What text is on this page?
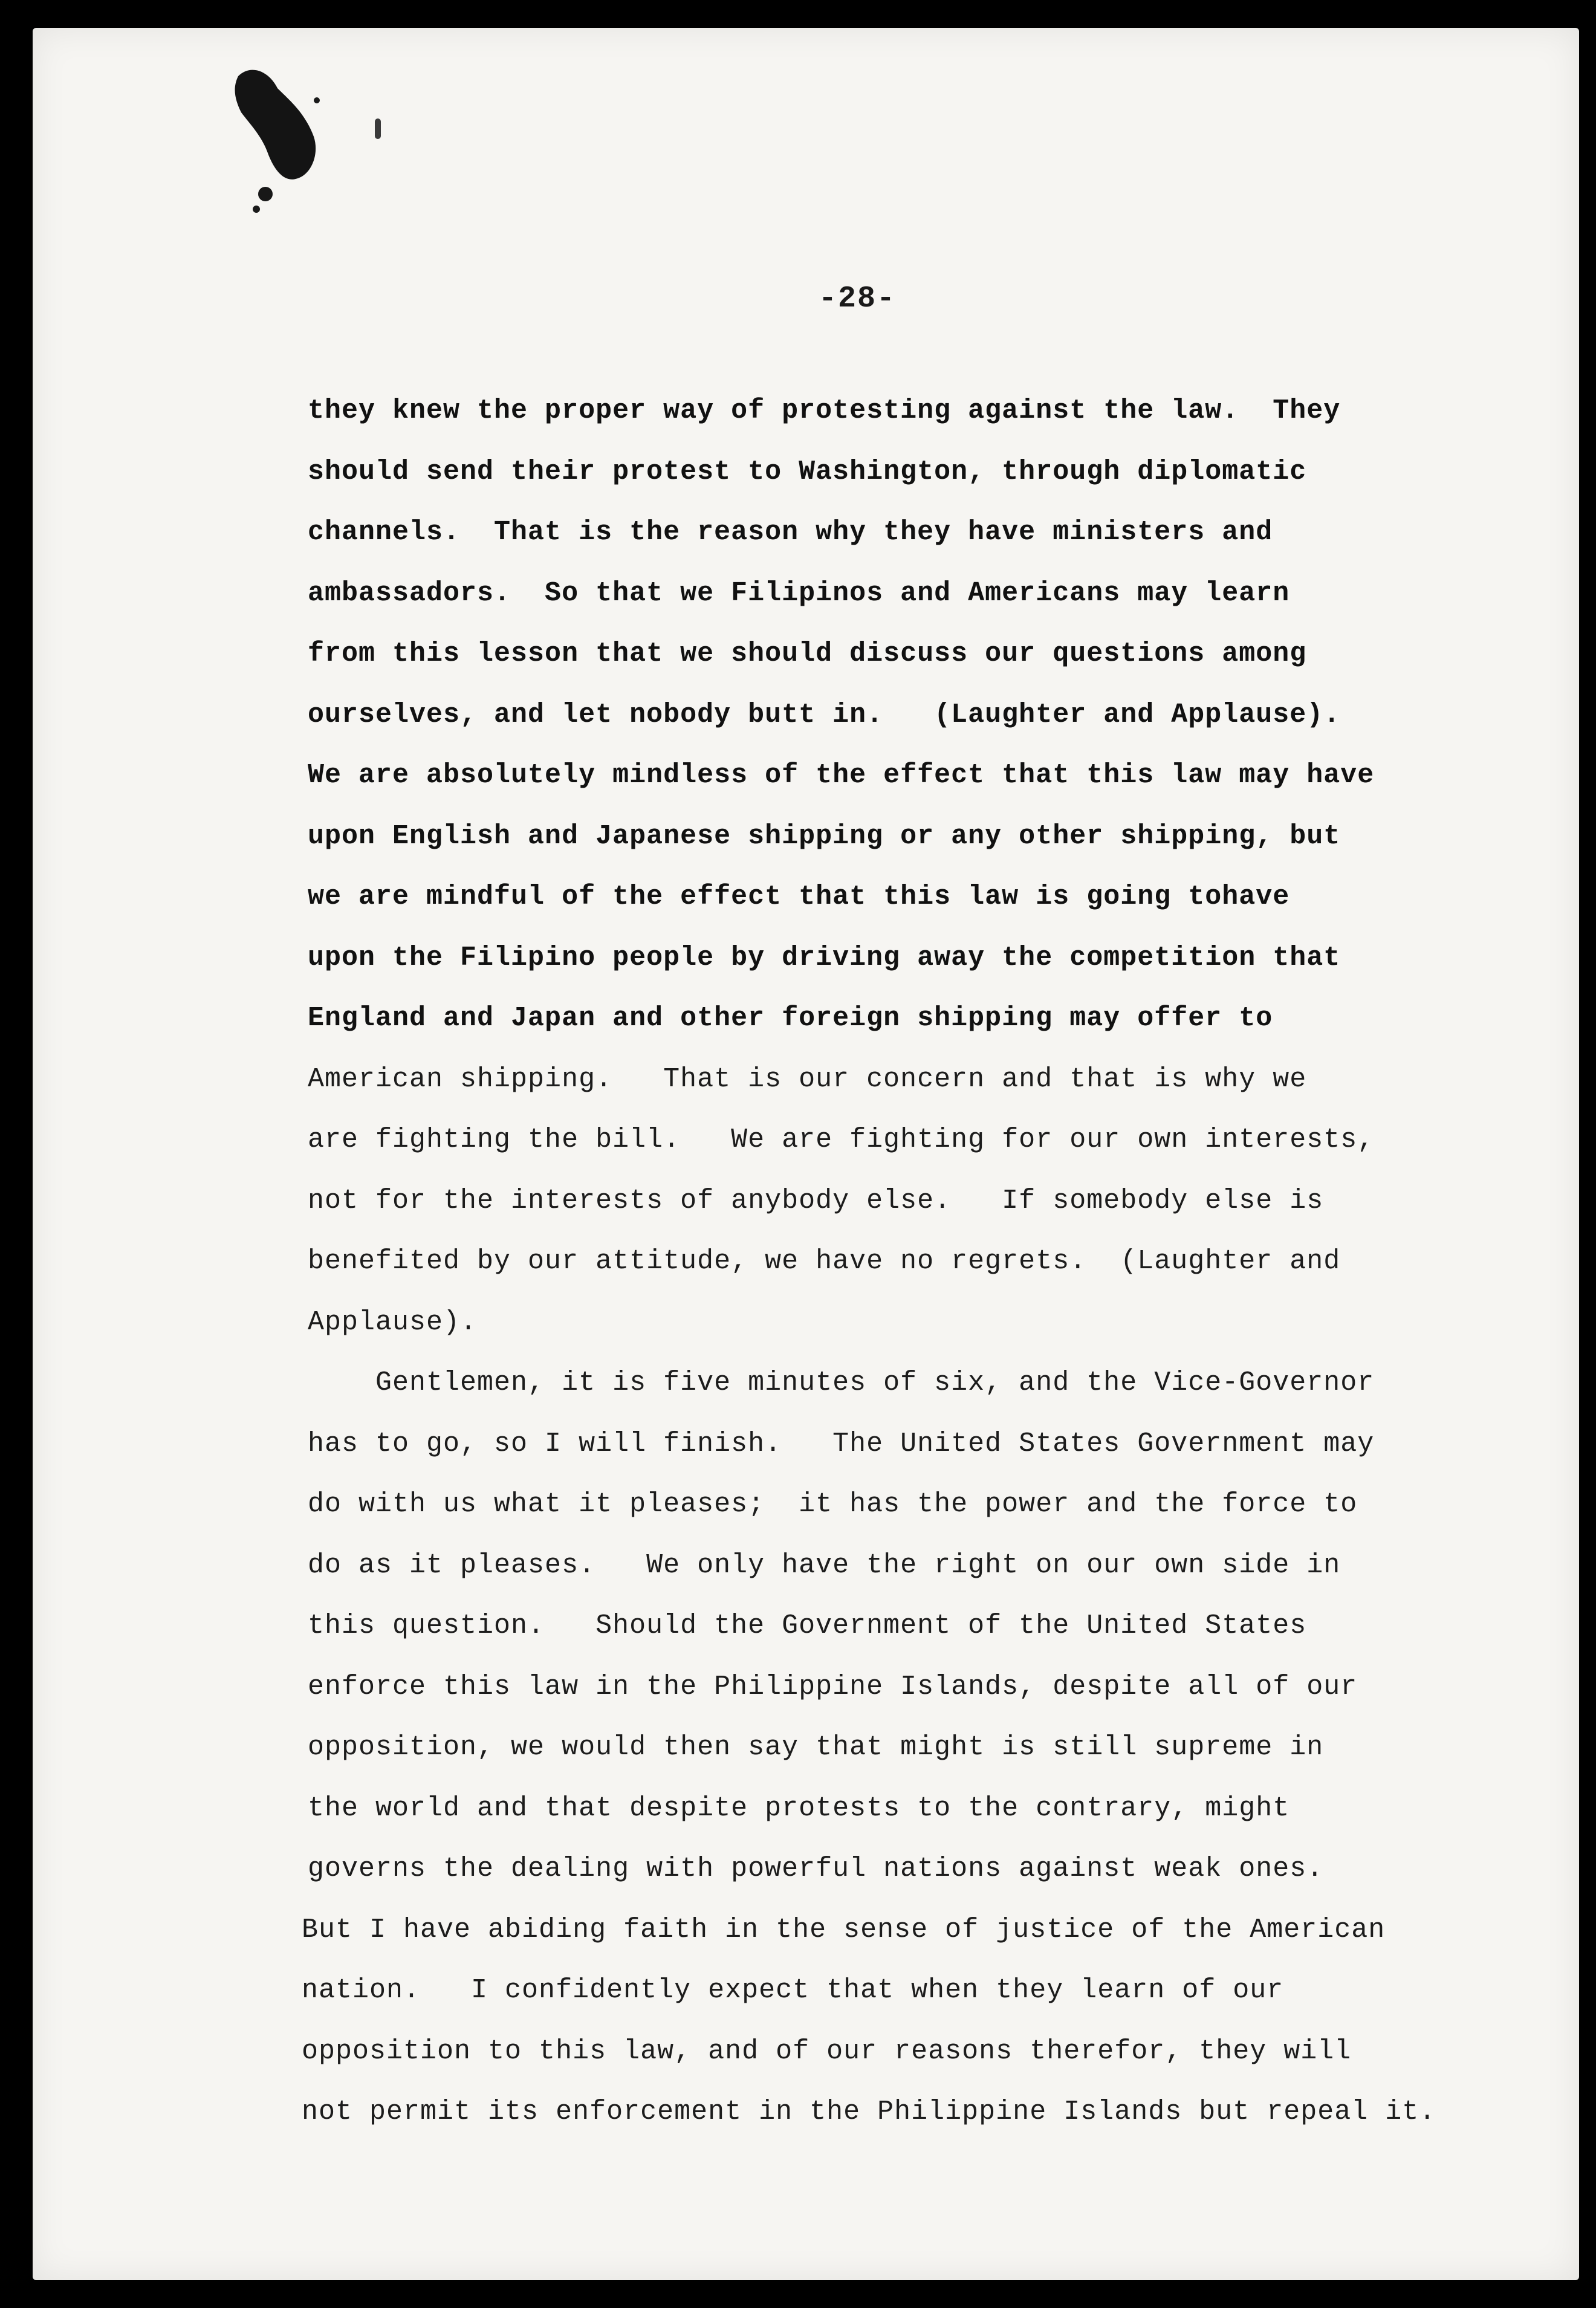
-28-
they knew the proper way of protesting against the law.  They
should send their protest to Washington, through diplomatic
channels.  That is the reason why they have ministers and
ambassadors.  So that we Filipinos and Americans may learn
from this lesson that we should discuss our questions among
ourselves, and let nobody butt in.   (Laughter and Applause).
We are absolutely mindless of the effect that this law may have
upon English and Japanese shipping or any other shipping, but
we are mindful of the effect that this law is going tohave
upon the Filipino people by driving away the competition that
England and Japan and other foreign shipping may offer to
American shipping.   That is our concern and that is why we
are fighting the bill.   We are fighting for our own interests,
not for the interests of anybody else.   If somebody else is
benefited by our attitude, we have no regrets.  (Laughter and
Applause).
Gentlemen, it is five minutes of six, and the Vice-Governor
has to go, so I will finish.   The United States Government may
do with us what it pleases;  it has the power and the force to
do as it pleases.   We only have the right on our own side in
this question.   Should the Government of the United States
enforce this law in the Philippine Islands, despite all of our
opposition, we would then say that might is still supreme in
the world and that despite protests to the contrary, might
governs the dealing with powerful nations against weak ones.
But I have abiding faith in the sense of justice of the American
nation.   I confidently expect that when they learn of our
opposition to this law, and of our reasons therefor, they will
not permit its enforcement in the Philippine Islands but repeal it.
